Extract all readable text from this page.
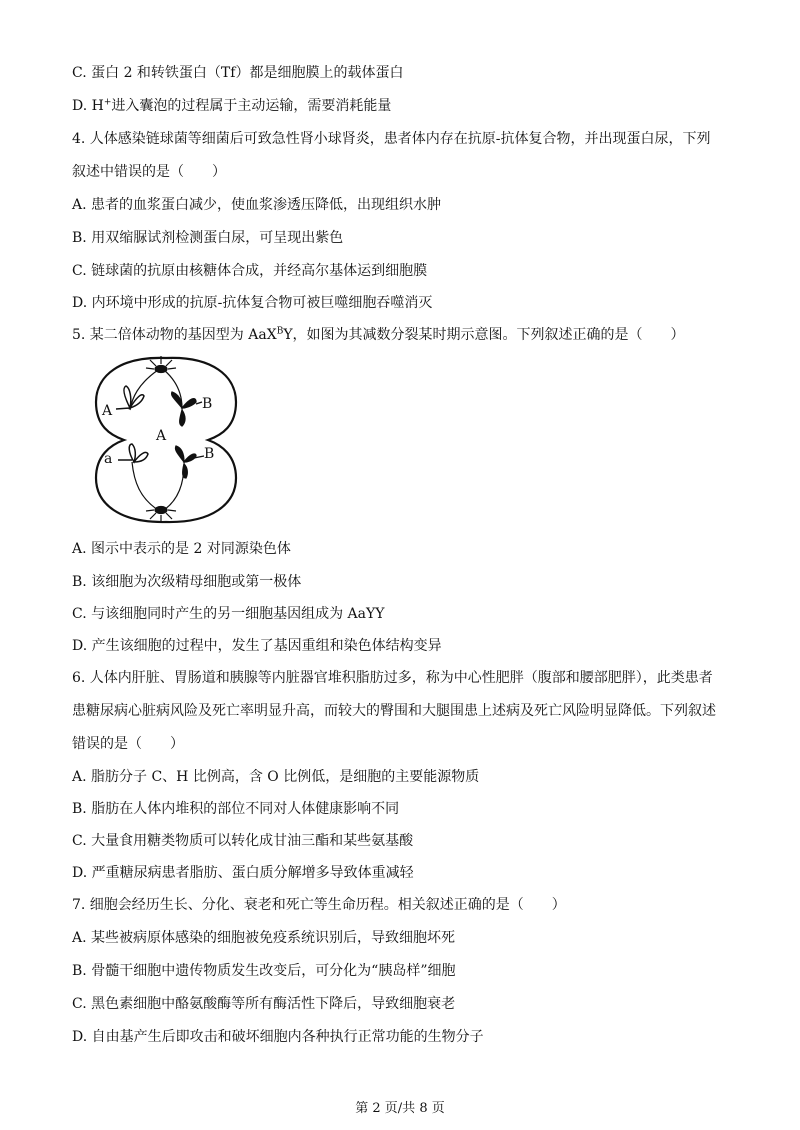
C. 蛋白 2 和转铁蛋白（Tf）都是细胞膜上的载体蛋白
D. H+进入囊泡的过程属于主动运输，需要消耗能量
4. 人体感染链球菌等细菌后可致急性肾小球肾炎，患者体内存在抗原-抗体复合物，并出现蛋白尿，下列
叙述中错误的是（　　）
A. 患者的血浆蛋白减少，使血浆渗透压降低，出现组织水肿
B. 用双缩脲试剂检测蛋白尿，可呈现出紫色
C. 链球菌的抗原由核糖体合成，并经高尔基体运到细胞膜
D. 内环境中形成的抗原-抗体复合物可被巨噬细胞吞噬消灭
5. 某二倍体动物的基因型为 AaX$^B$Y，如图为其减数分裂某时期示意图。下列叙述正确的是（　　）
A	B
A
a	B
A. 图示中表示的是 2 对同源染色体
B. 该细胞为次级精母细胞或第一极体
C. 与该细胞同时产生的另一细胞基因组成为 AaYY
D. 产生该细胞的过程中，发生了基因重组和染色体结构变异
6. 人体内肝脏、胃肠道和胰腺等内脏器官堆积脂肪过多，称为中心性肥胖（腹部和腰部肥胖），此类患者
患糖尿病心脏病风险及死亡率明显升高，而较大的臀围和大腿围患上述病及死亡风险明显降低。下列叙述
错误的是（　　）
A. 脂肪分子 C、H 比例高，含 O 比例低，是细胞的主要能源物质
B. 脂肪在人体内堆积的部位不同对人体健康影响不同
C. 大量食用糖类物质可以转化成甘油三酯和某些氨基酸
D. 严重糖尿病患者脂肪、蛋白质分解增多导致体重减轻
7. 细胞会经历生长、分化、衰老和死亡等生命历程。相关叙述正确的是（　　）
A. 某些被病原体感染的细胞被免疫系统识别后，导致细胞坏死
B. 骨髓干细胞中遗传物质发生改变后，可分化为“胰岛样”细胞
C. 黑色素细胞中酪氨酸酶等所有酶活性下降后，导致细胞衰老
D. 自由基产生后即攻击和破坏细胞内各种执行正常功能的生物分子
第 2 页/共 8 页
